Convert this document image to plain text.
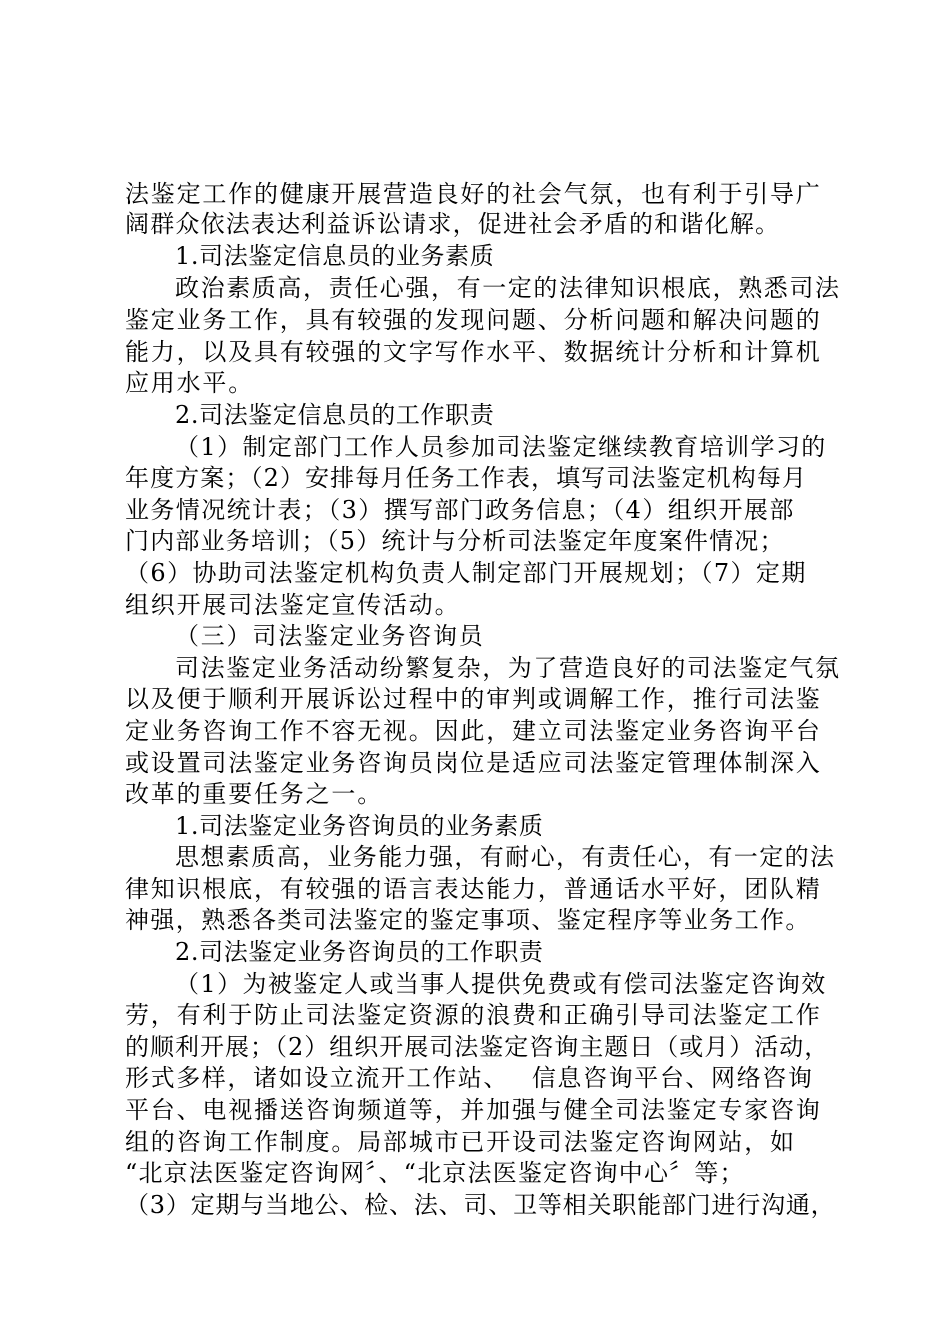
法鉴定工作的健康开展营造良好的社会气氛，也有利于引导广
阔群众依法表达利益诉讼请求，促进社会矛盾的和谐化解。
1.司法鉴定信息员的业务素质
政治素质高，责任心强，有一定的法律知识根底，熟悉司法
鉴定业务工作，具有较强的发现问题、分析问题和解决问题的
能力，以及具有较强的文字写作水平、数据统计分析和计算机
应用水平。
2.司法鉴定信息员的工作职责
（1）制定部门工作人员参加司法鉴定继续教育培训学习的
年度方案；（2）安排每月任务工作表，填写司法鉴定机构每月
业务情况统计表；（3）撰写部门政务信息；（4）组织开展部
门内部业务培训；（5）统计与分析司法鉴定年度案件情况；
（6）协助司法鉴定机构负责人制定部门开展规划；（7）定期
组织开展司法鉴定宣传活动。
（三）司法鉴定业务咨询员
司法鉴定业务活动纷繁复杂，为了营造良好的司法鉴定气氛
以及便于顺利开展诉讼过程中的审判或调解工作，推行司法鉴
定业务咨询工作不容无视。因此，建立司法鉴定业务咨询平台
或设置司法鉴定业务咨询员岗位是适应司法鉴定管理体制深入
改革的重要任务之一。
1.司法鉴定业务咨询员的业务素质
思想素质高，业务能力强，有耐心，有责任心，有一定的法
律知识根底，有较强的语言表达能力，普通话水平好，团队精
神强，熟悉各类司法鉴定的鉴定事项、鉴定程序等业务工作。
2.司法鉴定业务咨询员的工作职责
（1）为被鉴定人或当事人提供免费或有偿司法鉴定咨询效
劳，有利于防止司法鉴定资源的浪费和正确引导司法鉴定工作
的顺利开展；（2）组织开展司法鉴定咨询主题日（或月）活动，
形式多样，诸如设立流开工作站、　 信息咨询平台、网络咨询
平台、电视播送咨询频道等，并加强与健全司法鉴定专家咨询
组的咨询工作制度。局部城市已开设司法鉴定咨询网站，如
“北京法医鉴定咨询网〞、“北京法医鉴定咨询中心〞等；
（3）定期与当地公、检、法、司、卫等相关职能部门进行沟通，
